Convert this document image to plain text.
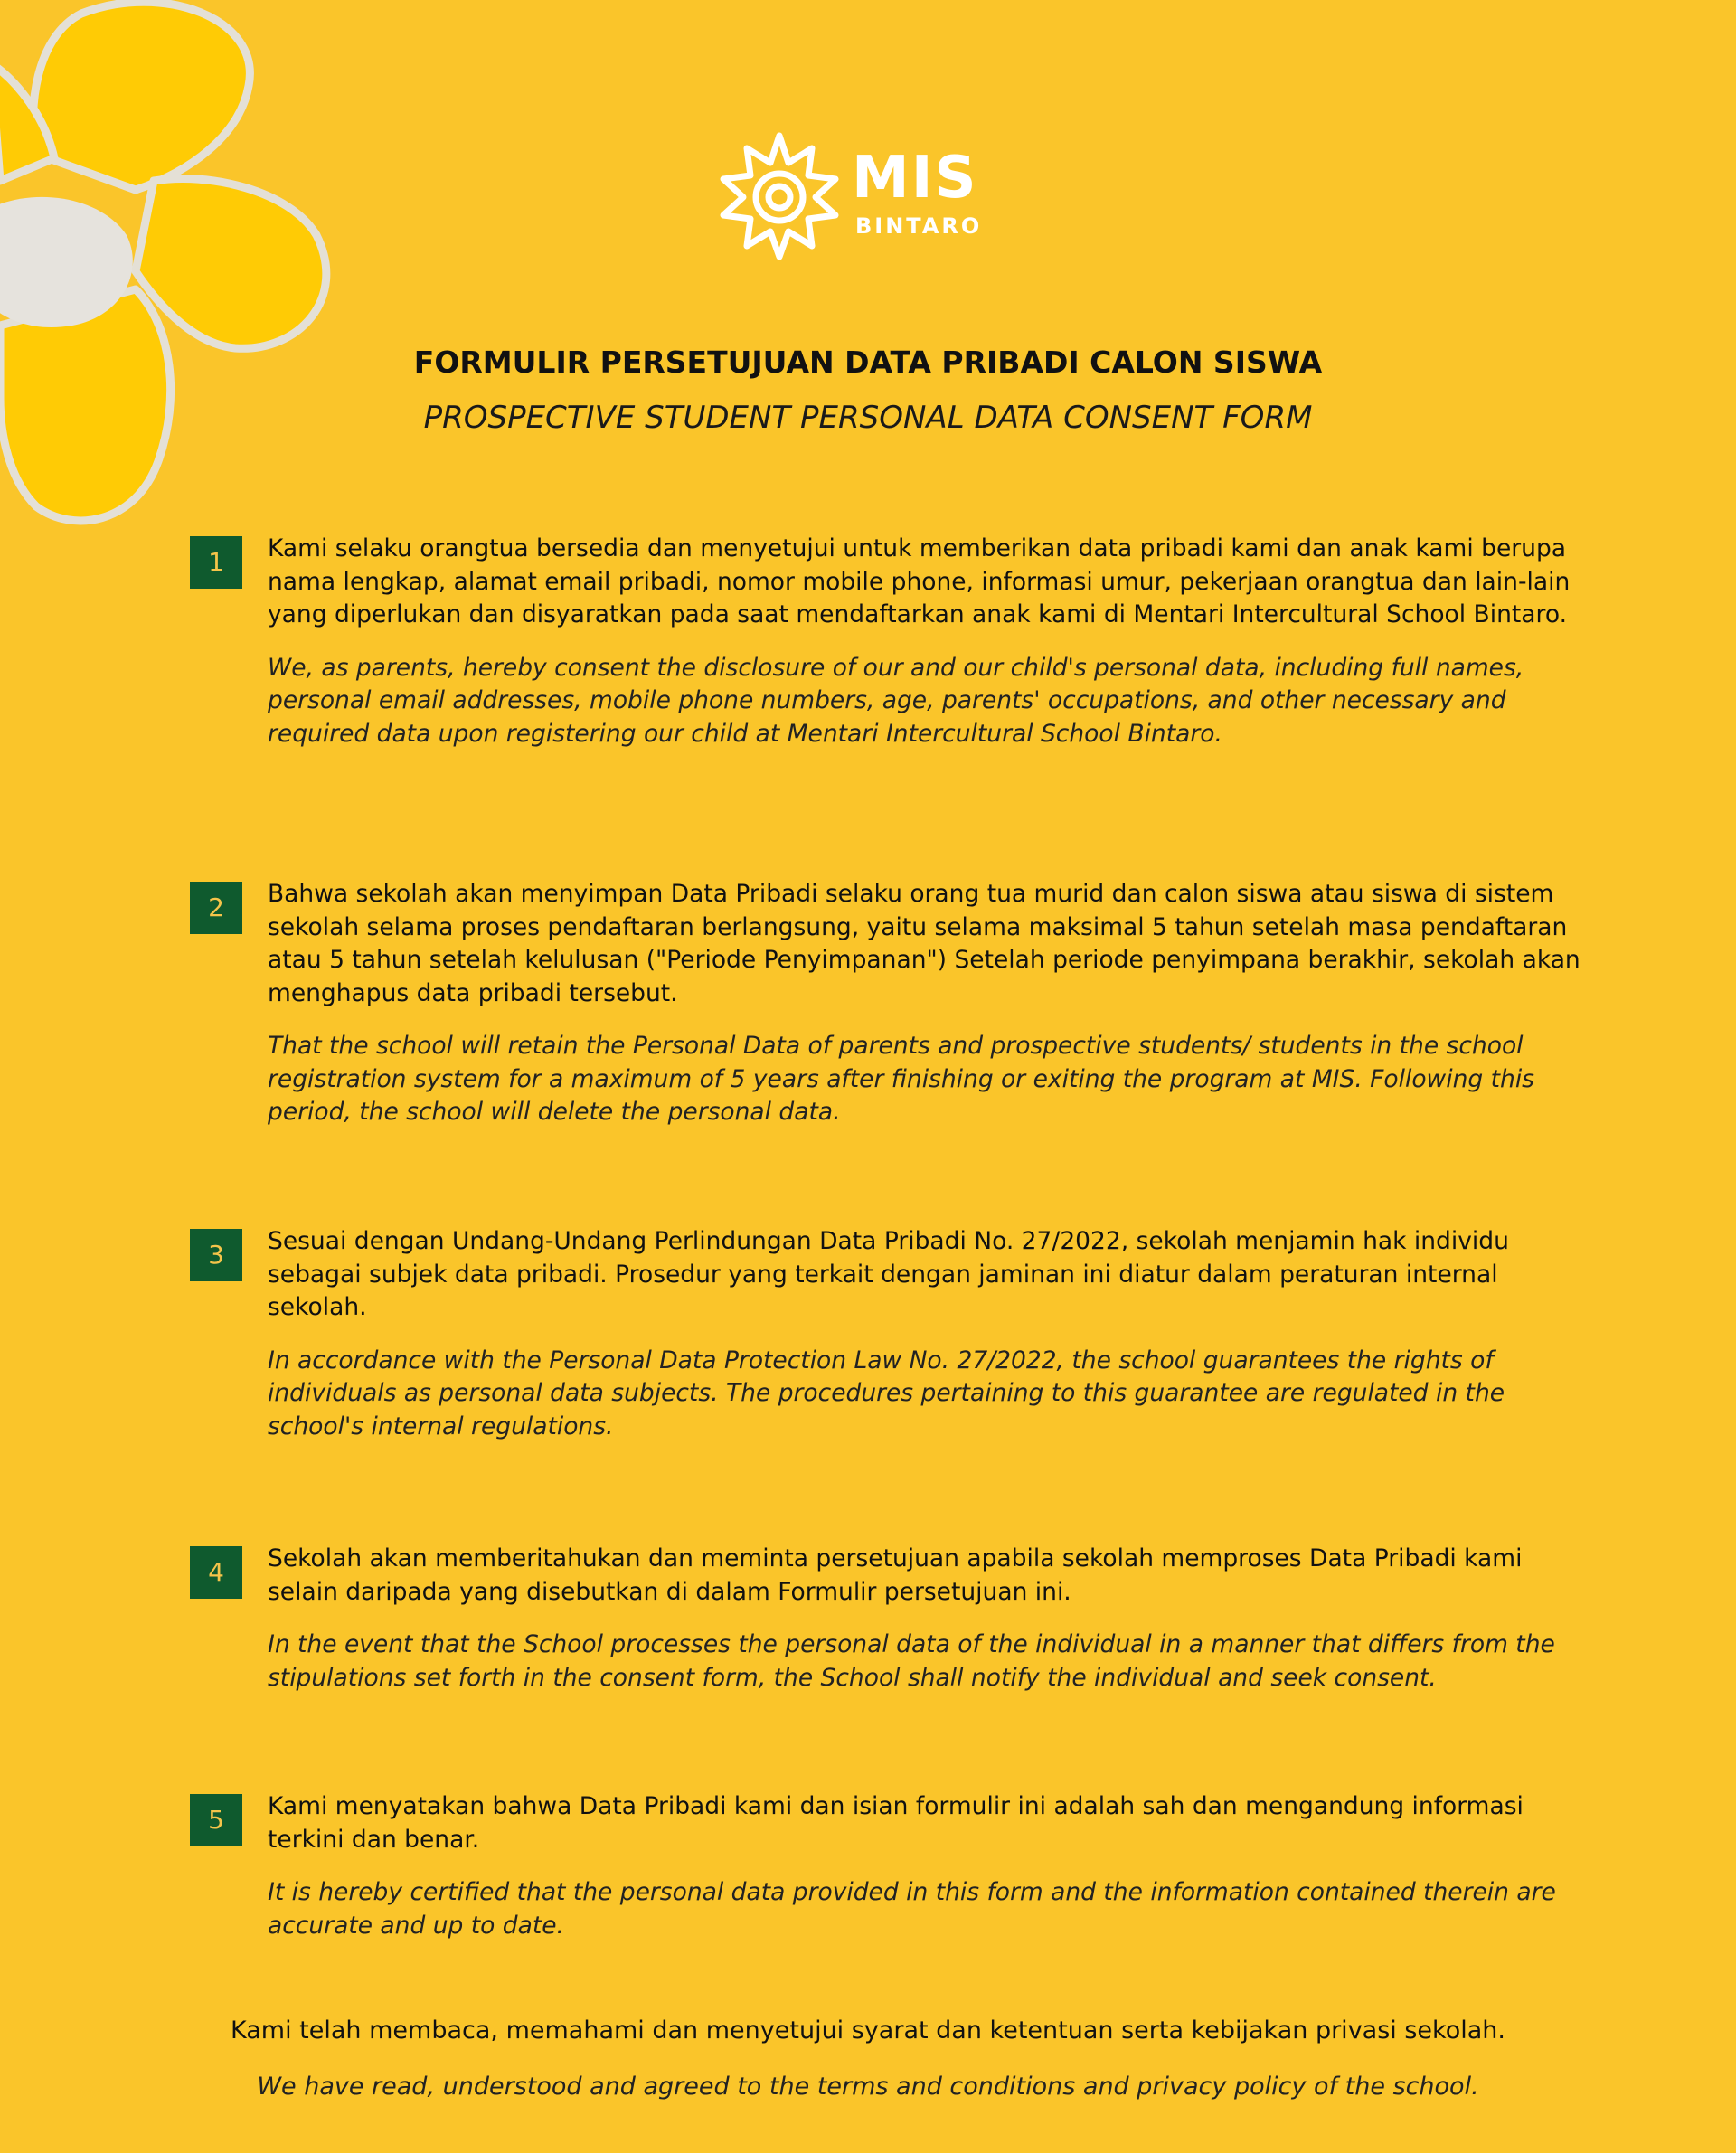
MIS
BINTARO
FORMULIR PERSETUJUAN DATA PRIBADI CALON SISWA
PROSPECTIVE STUDENT PERSONAL DATA CONSENT FORM
1	Kami selaku orangtua bersedia dan menyetujui untuk memberikan data pribadi kami dan anak kami berupa nama lengkap, alamat email pribadi, nomor mobile phone, informasi umur, pekerjaan orangtua dan lain-lain yang diperlukan dan disyaratkan pada saat mendaftarkan anak kami di Mentari Intercultural School Bintaro.
We, as parents, hereby consent the disclosure of our and our child's personal data, including full names, personal email addresses, mobile phone numbers, age, parents' occupations, and other necessary and required data upon registering our child at Mentari Intercultural School Bintaro.
2	Bahwa sekolah akan menyimpan Data Pribadi selaku orang tua murid dan calon siswa atau siswa di sistem sekolah selama proses pendaftaran berlangsung, yaitu selama maksimal 5 tahun setelah masa pendaftaran atau 5 tahun setelah kelulusan ("Periode Penyimpanan") Setelah periode penyimpana berakhir, sekolah akan menghapus data pribadi tersebut.
That the school will retain the Personal Data of parents and prospective students/ students in the school registration system for a maximum of 5 years after finishing or exiting the program at MIS. Following this period, the school will delete the personal data.
3	Sesuai dengan Undang-Undang Perlindungan Data Pribadi No. 27/2022, sekolah menjamin hak individu sebagai subjek data pribadi. Prosedur yang terkait dengan jaminan ini diatur dalam peraturan internal sekolah.
In accordance with the Personal Data Protection Law No. 27/2022, the school guarantees the rights of individuals as personal data subjects. The procedures pertaining to this guarantee are regulated in the school's internal regulations.
4	Sekolah akan memberitahukan dan meminta persetujuan apabila sekolah memproses Data Pribadi kami selain daripada yang disebutkan di dalam Formulir persetujuan ini.
In the event that the School processes the personal data of the individual in a manner that differs from the stipulations set forth in the consent form, the School shall notify the individual and seek consent.
5	Kami menyatakan bahwa Data Pribadi kami dan isian formulir ini adalah sah dan mengandung informasi terkini dan benar.
It is hereby certified that the personal data provided in this form and the information contained therein are accurate and up to date.
Kami telah membaca, memahami dan menyetujui syarat dan ketentuan serta kebijakan privasi sekolah.
We have read, understood and agreed to the terms and conditions and privacy policy of the school.
